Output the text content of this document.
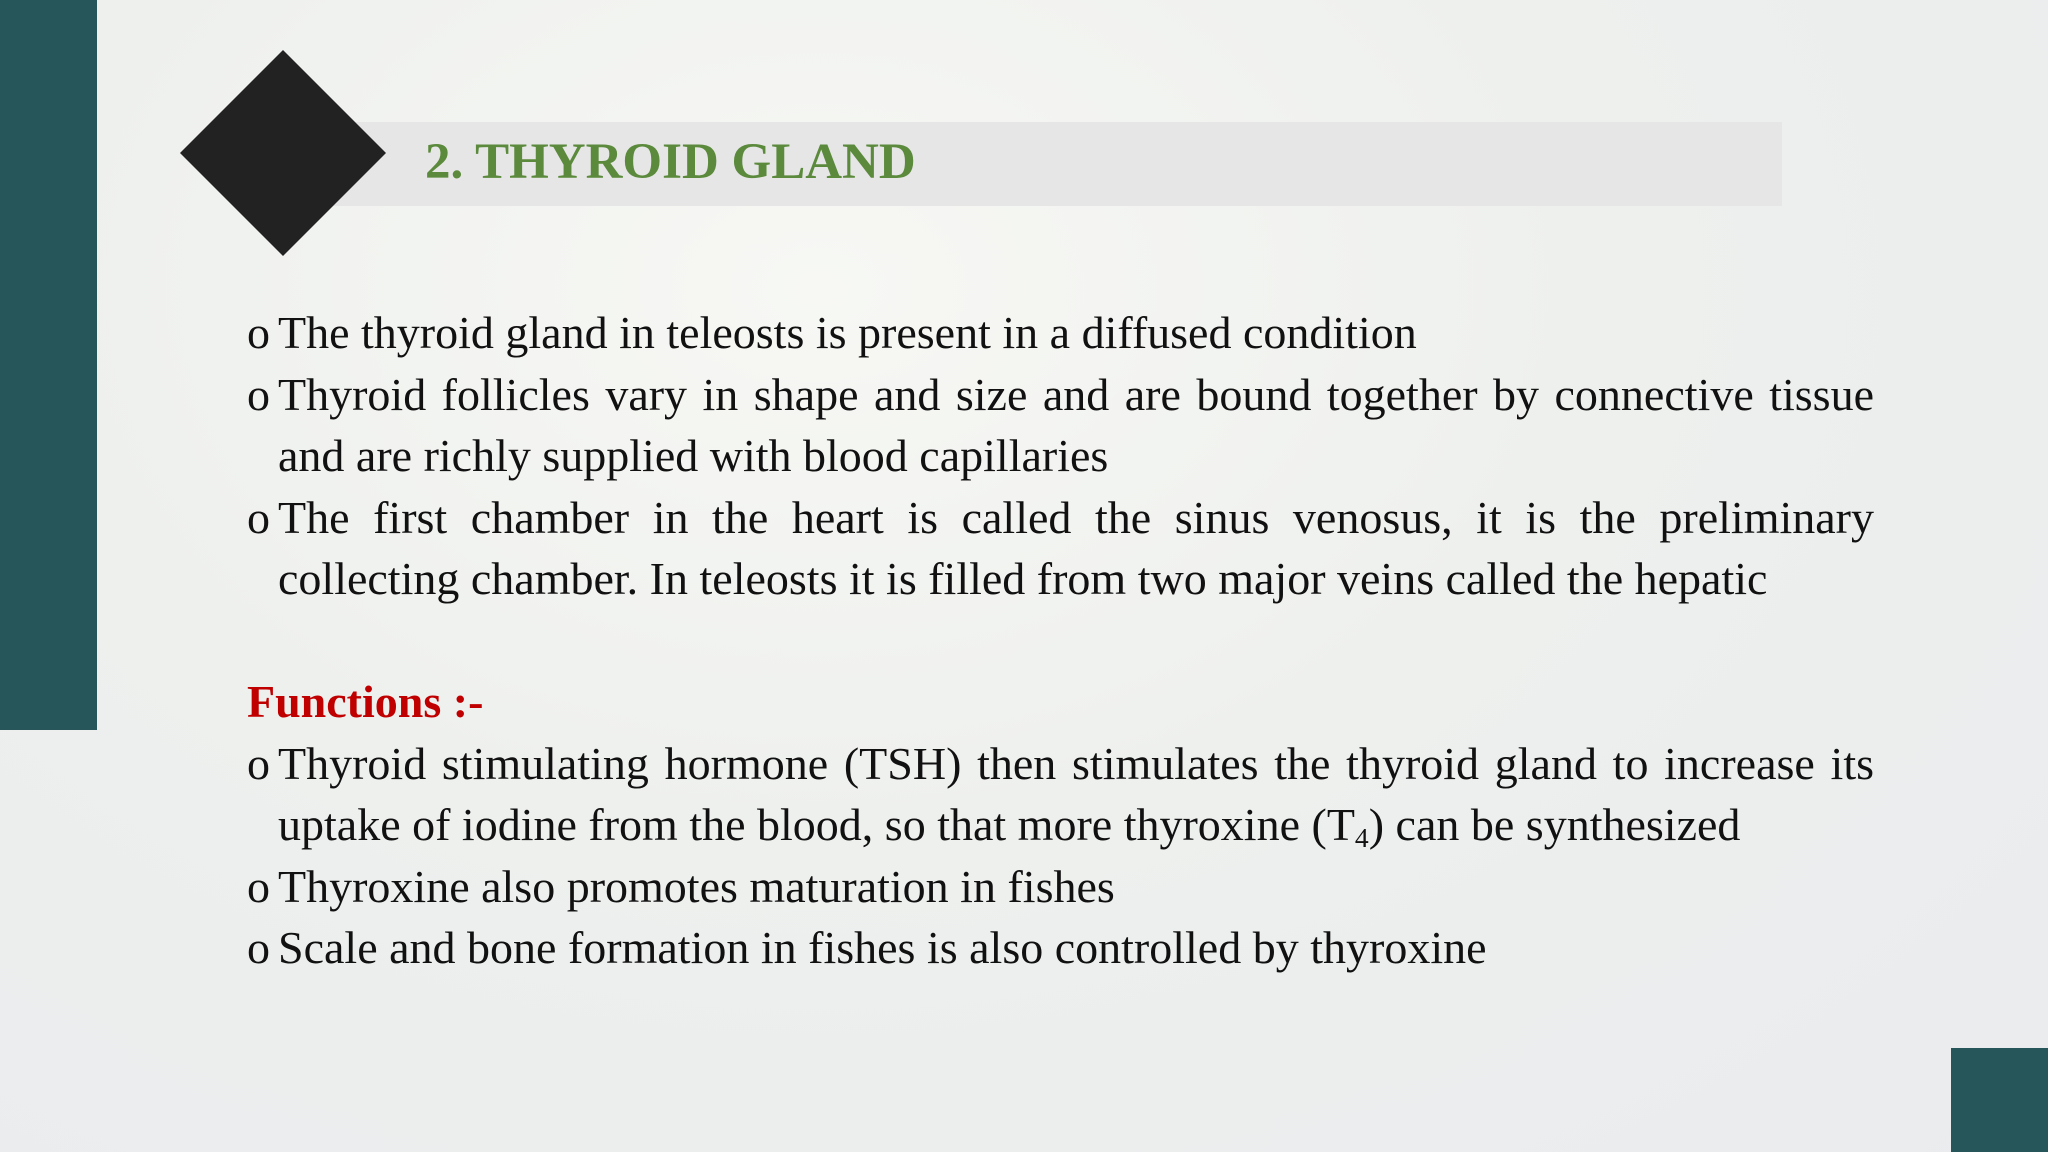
2. THYROID GLAND
o The thyroid gland in teleosts is present in a diffused condition
o Thyroid follicles vary in shape and size and are bound together by connective tissue and are richly supplied with blood capillaries
o The first chamber in the heart is called the sinus venosus, it is the preliminary collecting chamber. In teleosts it is filled from two major veins called the hepatic
Functions :-
o Thyroid stimulating hormone (TSH) then stimulates the thyroid gland to increase its uptake of iodine from the blood, so that more thyroxine $(T_4)$ can be synthesized
o Thyroxine also promotes maturation in fishes
o Scale and bone formation in fishes is also controlled by thyroxine
